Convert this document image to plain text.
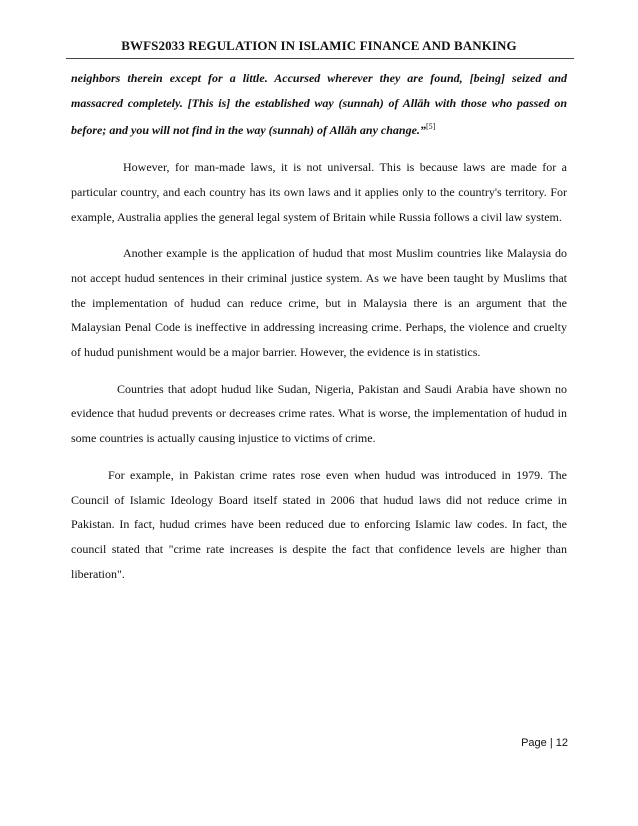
BWFS2033 REGULATION IN ISLAMIC FINANCE AND BANKING

neighbors therein except for a little. Accursed wherever they are found, [being] seized and massacred completely. [This is] the established way (sunnah) of Allāh with those who passed on before; and you will not find in the way (sunnah) of Allāh any change.”[5]

However, for man-made laws, it is not universal. This is because laws are made for a particular country, and each country has its own laws and it applies only to the country's territory. For example, Australia applies the general legal system of Britain while Russia follows a civil law system.

Another example is the application of hudud that most Muslim countries like Malaysia do not accept hudud sentences in their criminal justice system. As we have been taught by Muslims that the implementation of hudud can reduce crime, but in Malaysia there is an argument that the Malaysian Penal Code is ineffective in addressing increasing crime. Perhaps, the violence and cruelty of hudud punishment would be a major barrier. However, the evidence is in statistics.

Countries that adopt hudud like Sudan, Nigeria, Pakistan and Saudi Arabia have shown no evidence that hudud prevents or decreases crime rates. What is worse, the implementation of hudud in some countries is actually causing injustice to victims of crime.

For example, in Pakistan crime rates rose even when hudud was introduced in 1979. The Council of Islamic Ideology Board itself stated in 2006 that hudud laws did not reduce crime in Pakistan. In fact, hudud crimes have been reduced due to enforcing Islamic law codes. In fact, the council stated that "crime rate increases is despite the fact that confidence levels are higher than liberation".

Page | 12
